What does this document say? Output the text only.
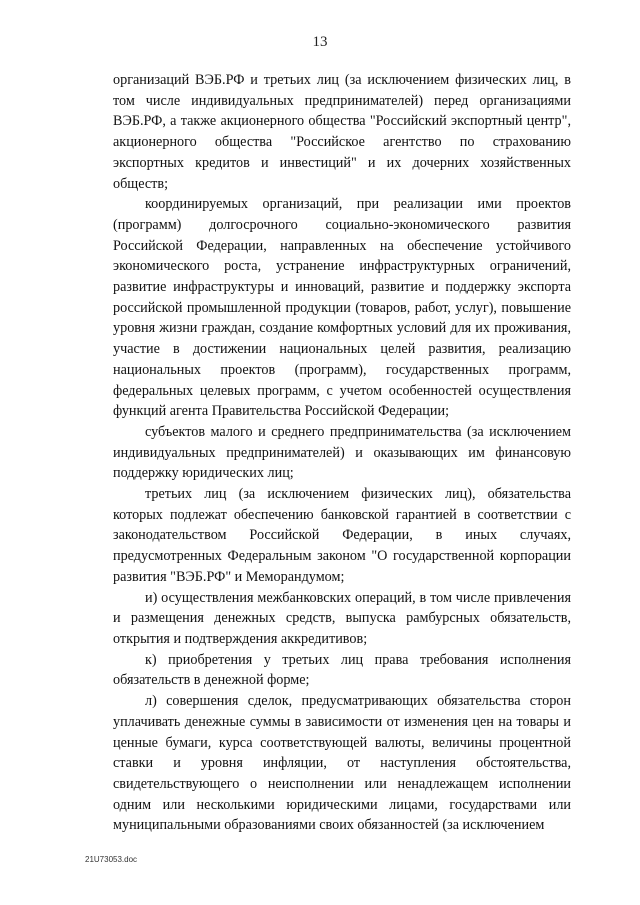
13

организаций ВЭБ.РФ и третьих лиц (за исключением физических лиц, в том числе индивидуальных предпринимателей) перед организациями ВЭБ.РФ, а также акционерного общества "Российский экспортный центр", акционерного общества "Российское агентство по страхованию экспортных кредитов и инвестиций" и их дочерних хозяйственных обществ;

координируемых организаций, при реализации ими проектов (программ) долгосрочного социально-экономического развития Российской Федерации, направленных на обеспечение устойчивого экономического роста, устранение инфраструктурных ограничений, развитие инфраструктуры и инноваций, развитие и поддержку экспорта российской промышленной продукции (товаров, работ, услуг), повышение уровня жизни граждан, создание комфортных условий для их проживания, участие в достижении национальных целей развития, реализацию национальных проектов (программ), государственных программ, федеральных целевых программ, с учетом особенностей осуществления функций агента Правительства Российской Федерации;

субъектов малого и среднего предпринимательства (за исключением индивидуальных предпринимателей) и оказывающих им финансовую поддержку юридических лиц;

третьих лиц (за исключением физических лиц), обязательства которых подлежат обеспечению банковской гарантией в соответствии с законодательством Российской Федерации, в иных случаях, предусмотренных Федеральным законом "О государственной корпорации развития "ВЭБ.РФ" и Меморандумом;

и) осуществления межбанковских операций, в том числе привлечения и размещения денежных средств, выпуска рамбурсных обязательств, открытия и подтверждения аккредитивов;

к) приобретения у третьих лиц права требования исполнения обязательств в денежной форме;

л) совершения сделок, предусматривающих обязательства сторон уплачивать денежные суммы в зависимости от изменения цен на товары и ценные бумаги, курса соответствующей валюты, величины процентной ставки и уровня инфляции, от наступления обстоятельства, свидетельствующего о неисполнении или ненадлежащем исполнении одним или несколькими юридическими лицами, государствами или муниципальными образованиями своих обязанностей (за исключением

21U73053.doc
